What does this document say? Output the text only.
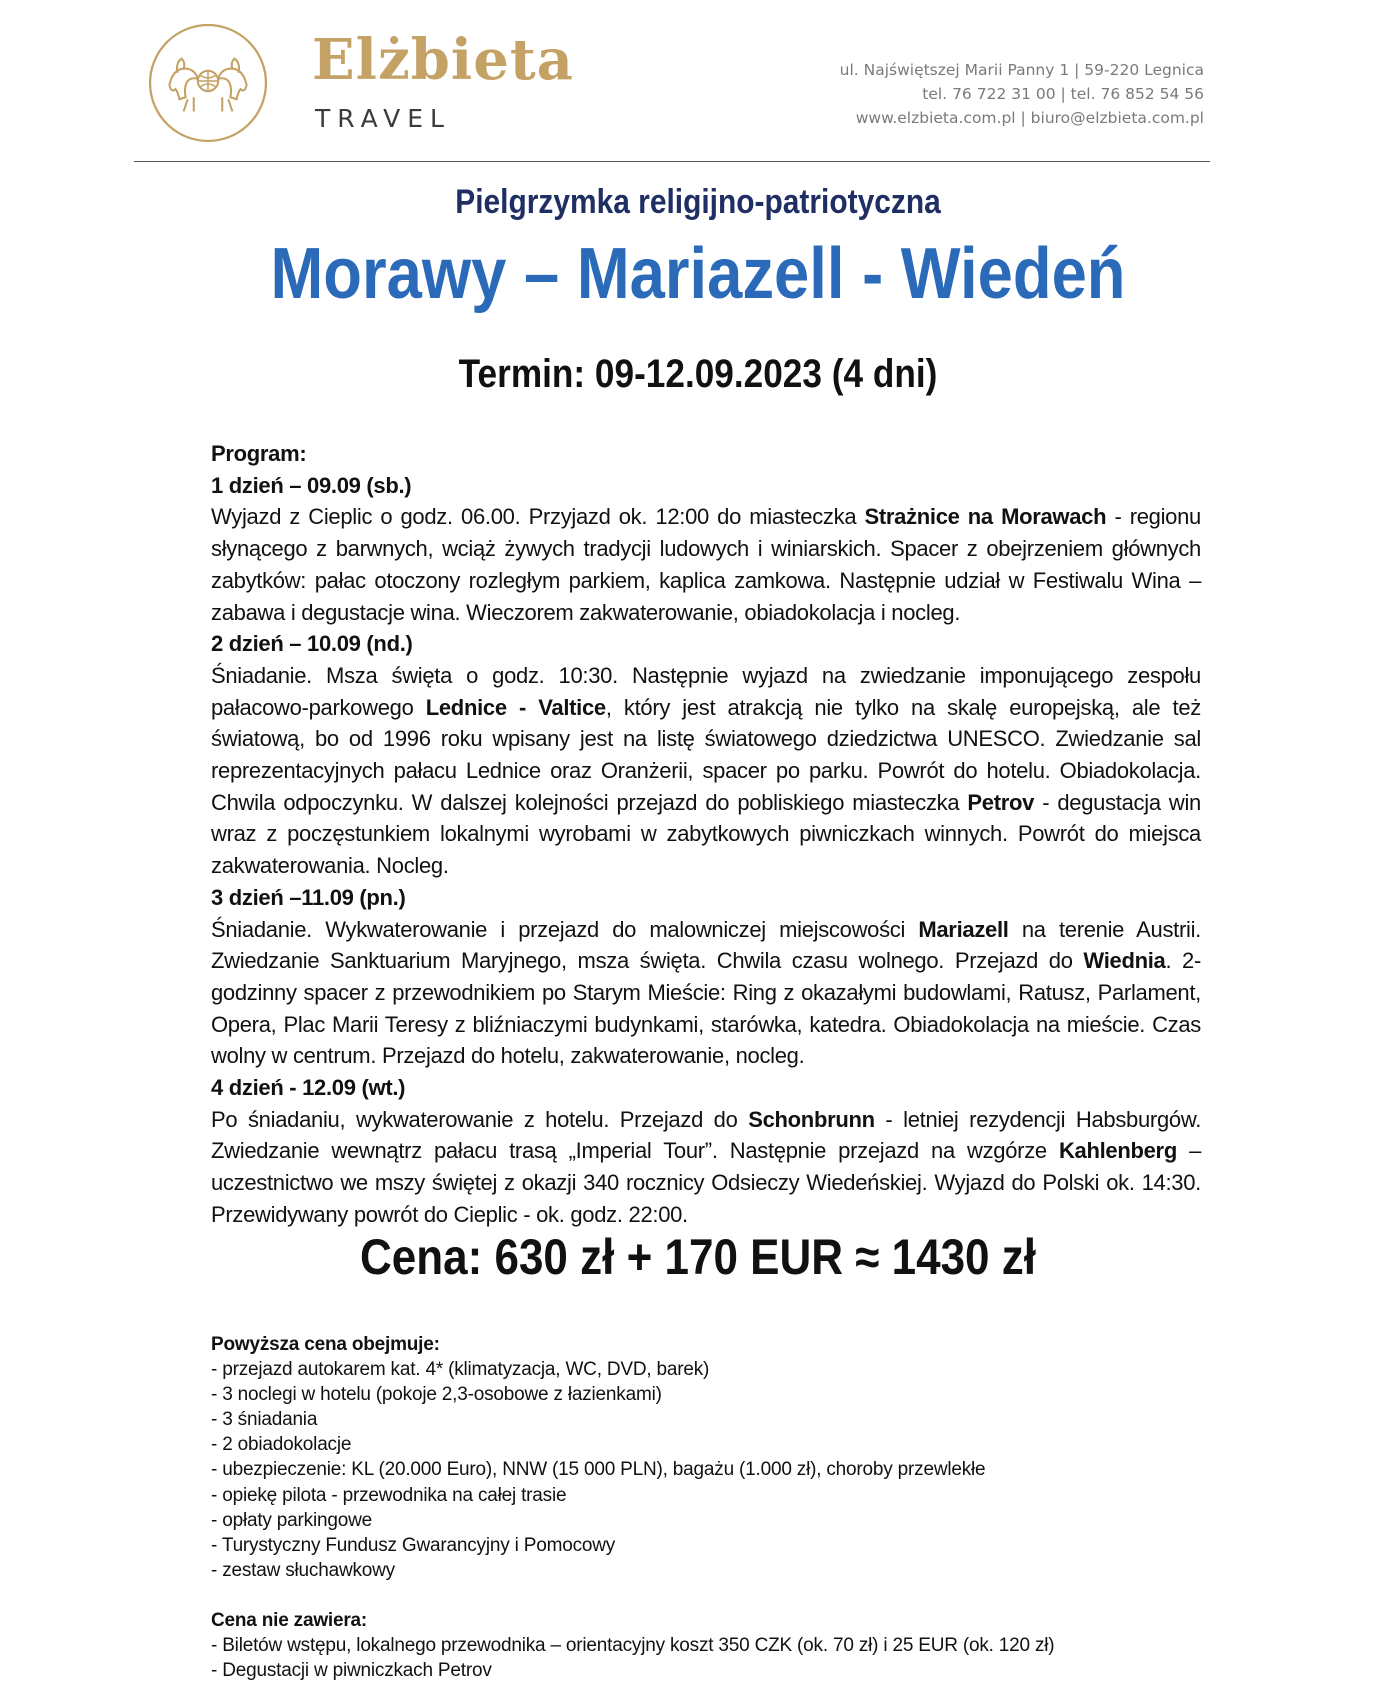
Elżbieta
TRAVEL
ul. Najświętszej Marii Panny 1 | 59-220 Legnica
tel. 76 722 31 00 | tel. 76 852 54 56
www.elzbieta.com.pl | biuro@elzbieta.com.pl
Pielgrzymka religijno-patriotyczna
Morawy – Mariazell - Wiedeń
Termin: 09-12.09.2023 (4 dni)
Program:
1 dzień – 09.09 (sb.)

Wyjazd z Cieplic o godz. 06.00. Przyjazd ok. 12:00 do miasteczka Strażnice na Morawach - regionu słynącego z barwnych, wciąż żywych tradycji ludowych i winiarskich. Spacer z obejrzeniem głównych zabytków: pałac otoczony rozległym parkiem, kaplica zamkowa. Następnie udział w Festiwalu Wina – zabawa i degustacje wina. Wieczorem zakwaterowanie, obiadokolacja i nocleg.

2 dzień – 10.09 (nd.)

Śniadanie. Msza święta o godz. 10:30. Następnie wyjazd na zwiedzanie imponującego zespołu pałacowo-parkowego Lednice - Valtice, który jest atrakcją nie tylko na skalę europejską, ale też światową, bo od 1996 roku wpisany jest na listę światowego dziedzictwa UNESCO. Zwiedzanie sal reprezentacyjnych pałacu Lednice oraz Oranżerii, spacer po parku. Powrót do hotelu. Obiadokolacja. Chwila odpoczynku. W dalszej kolejności przejazd do pobliskiego miasteczka Petrov - degustacja win wraz z poczęstunkiem lokalnymi wyrobami w zabytkowych piwniczkach winnych. Powrót do miejsca zakwaterowania. Nocleg.

3 dzień –11.09 (pn.)

Śniadanie. Wykwaterowanie i przejazd do malowniczej miejscowości Mariazell na terenie Austrii. Zwiedzanie Sanktuarium Maryjnego, msza święta. Chwila czasu wolnego. Przejazd do Wiednia. 2-godzinny spacer z przewodnikiem po Starym Mieście: Ring z okazałymi budowlami, Ratusz, Parlament, Opera, Plac Marii Teresy z bliźniaczymi budynkami, starówka, katedra. Obiadokolacja na mieście. Czas wolny w centrum. Przejazd do hotelu, zakwaterowanie, nocleg.

4 dzień - 12.09 (wt.)

Po śniadaniu, wykwaterowanie z hotelu. Przejazd do Schonbrunn - letniej rezydencji Habsburgów. Zwiedzanie wewnątrz pałacu trasą „Imperial Tour”. Następnie przejazd na wzgórze Kahlenberg – uczestnictwo we mszy świętej z okazji 340 rocznicy Odsieczy Wiedeńskiej. Wyjazd do Polski ok. 14:30. Przewidywany powrót do Cieplic - ok. godz. 22:00.

Cena: 630 zł + 170 EUR ≈ 1430 zł
Powyższa cena obejmuje:
- przejazd autokarem kat. 4* (klimatyzacja, WC, DVD, barek)
- 3 noclegi w hotelu (pokoje 2,3-osobowe z łazienkami)
- 3 śniadania
- 2 obiadokolacje
- ubezpieczenie: KL (20.000 Euro), NNW (15 000 PLN), bagażu (1.000 zł), choroby przewlekłe
- opiekę pilota - przewodnika na całej trasie
- opłaty parkingowe
- Turystyczny Fundusz Gwarancyjny i Pomocowy
- zestaw słuchawkowy
Cena nie zawiera:
- Biletów wstępu, lokalnego przewodnika – orientacyjny koszt 350 CZK (ok. 70 zł) i 25 EUR (ok. 120 zł)
- Degustacji w piwniczkach Petrov
